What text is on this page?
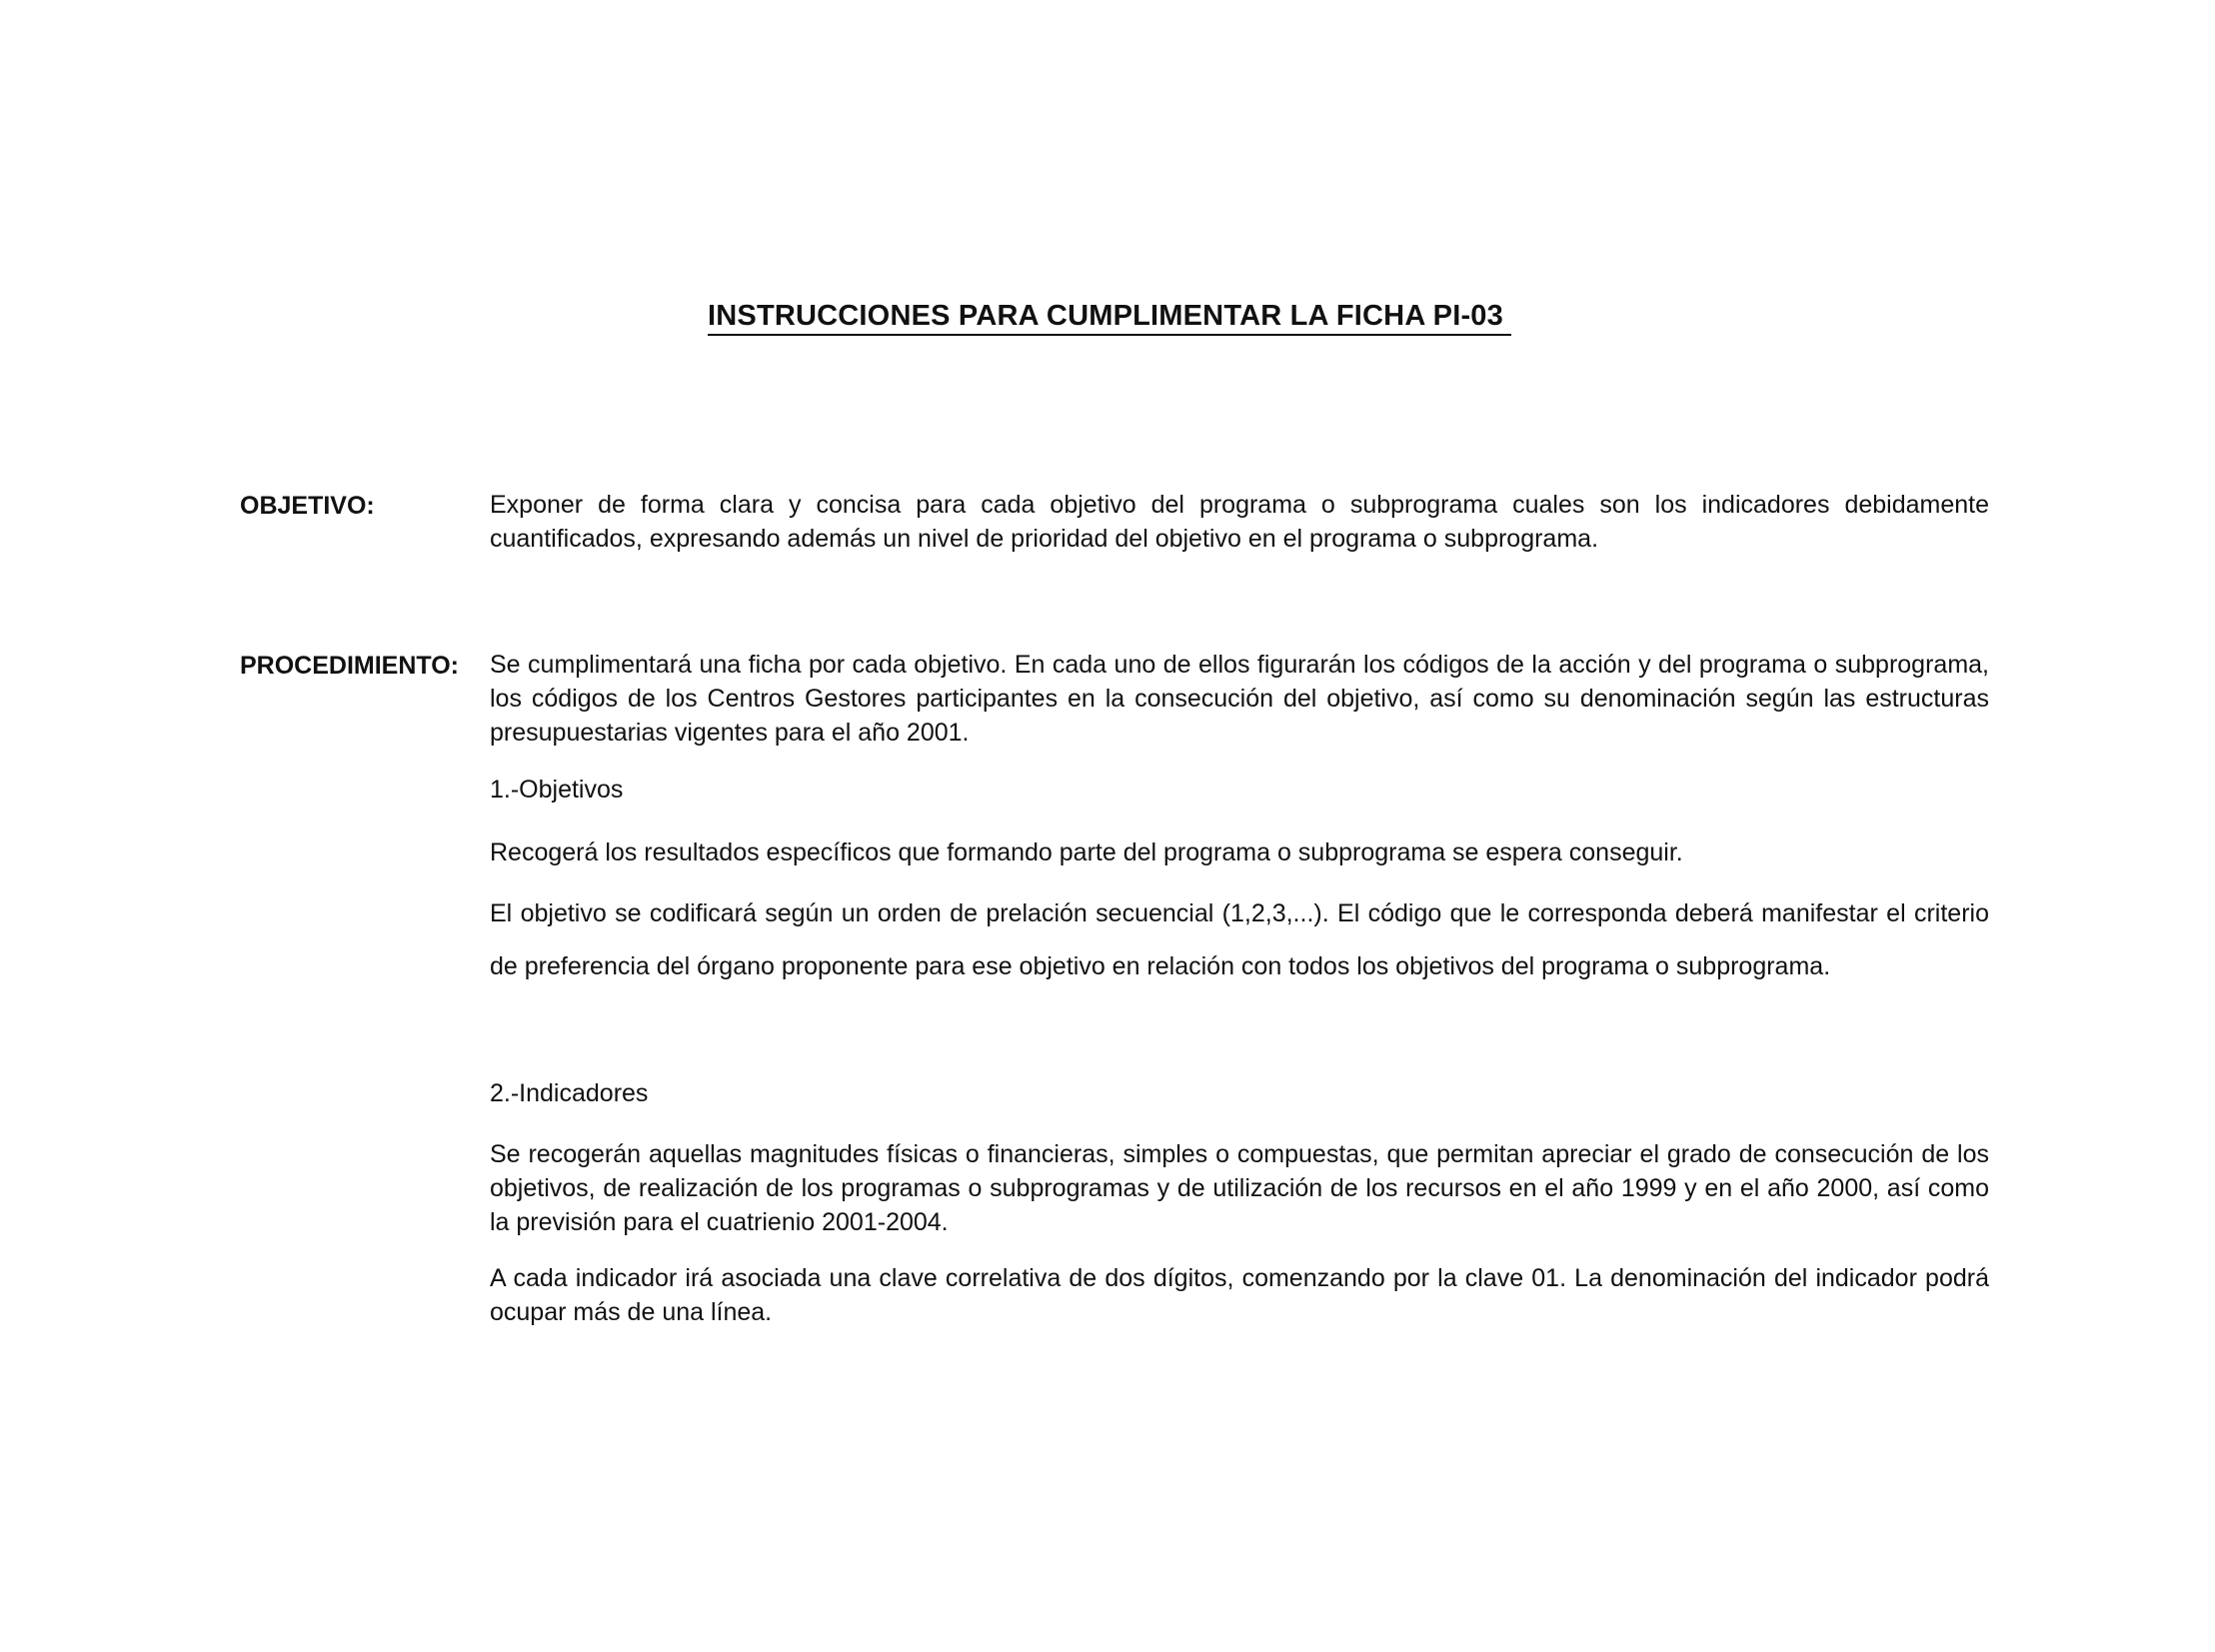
INSTRUCCIONES PARA CUMPLIMENTAR LA FICHA PI-03
OBJETIVO:	Exponer de forma clara y concisa para cada objetivo del programa o subprograma cuales son los indicadores debidamente cuantificados, expresando además un nivel de prioridad del objetivo en el programa o subprograma.

PROCEDIMIENTO: Se cumplimentará una ficha por cada objetivo. En cada uno de ellos figurarán los códigos de la acción y del programa o subprograma, los códigos de los Centros Gestores participantes en la consecución del objetivo, así como su denominación según las estructuras presupuestarias vigentes para el año 2001.

1.-Objetivos

Recogerá los resultados específicos que formando parte del programa o subprograma se espera conseguir.

El objetivo se codificará según un orden de prelación secuencial (1,2,3,...). El código que le corresponda deberá manifestar el criterio de preferencia del órgano proponente para ese objetivo en relación con todos los objetivos del programa o subprograma.

2.-Indicadores

Se recogerán aquellas magnitudes físicas o financieras, simples o compuestas, que permitan apreciar el grado de consecución de los objetivos, de realización de los programas o subprogramas y de utilización de los recursos en el año 1999 y en el año 2000, así como la previsión para el cuatrienio 2001-2004.

A cada indicador irá asociada una clave correlativa de dos dígitos, comenzando por la clave 01. La denominación del indicador podrá ocupar más de una línea.
